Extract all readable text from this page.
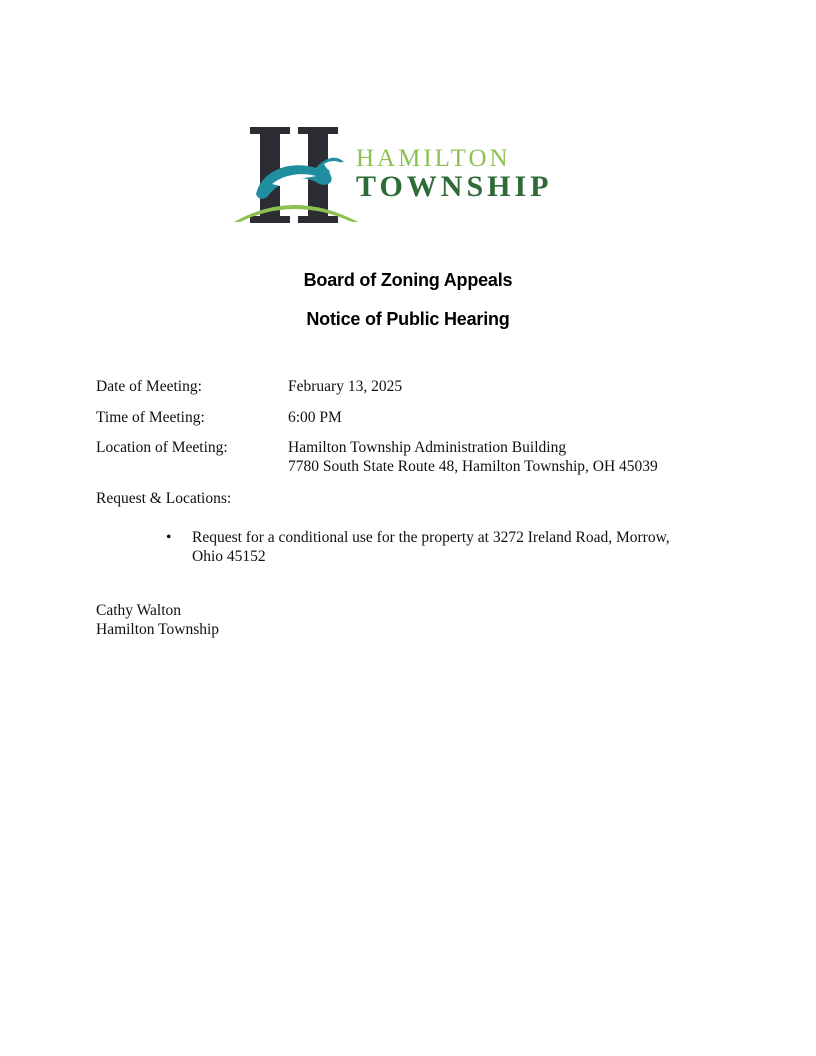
HAMILTON
TOWNSHIP
Board of Zoning Appeals
Notice of Public Hearing
Date of Meeting:	February 13, 2025
Time of Meeting:	6:00 PM
Location of Meeting:	Hamilton Township Administration Building
7780 South State Route 48, Hamilton Township, OH 45039
Request & Locations:
• Request for a conditional use for the property at 3272 Ireland Road, Morrow, Ohio 45152
Cathy Walton
Hamilton Township
